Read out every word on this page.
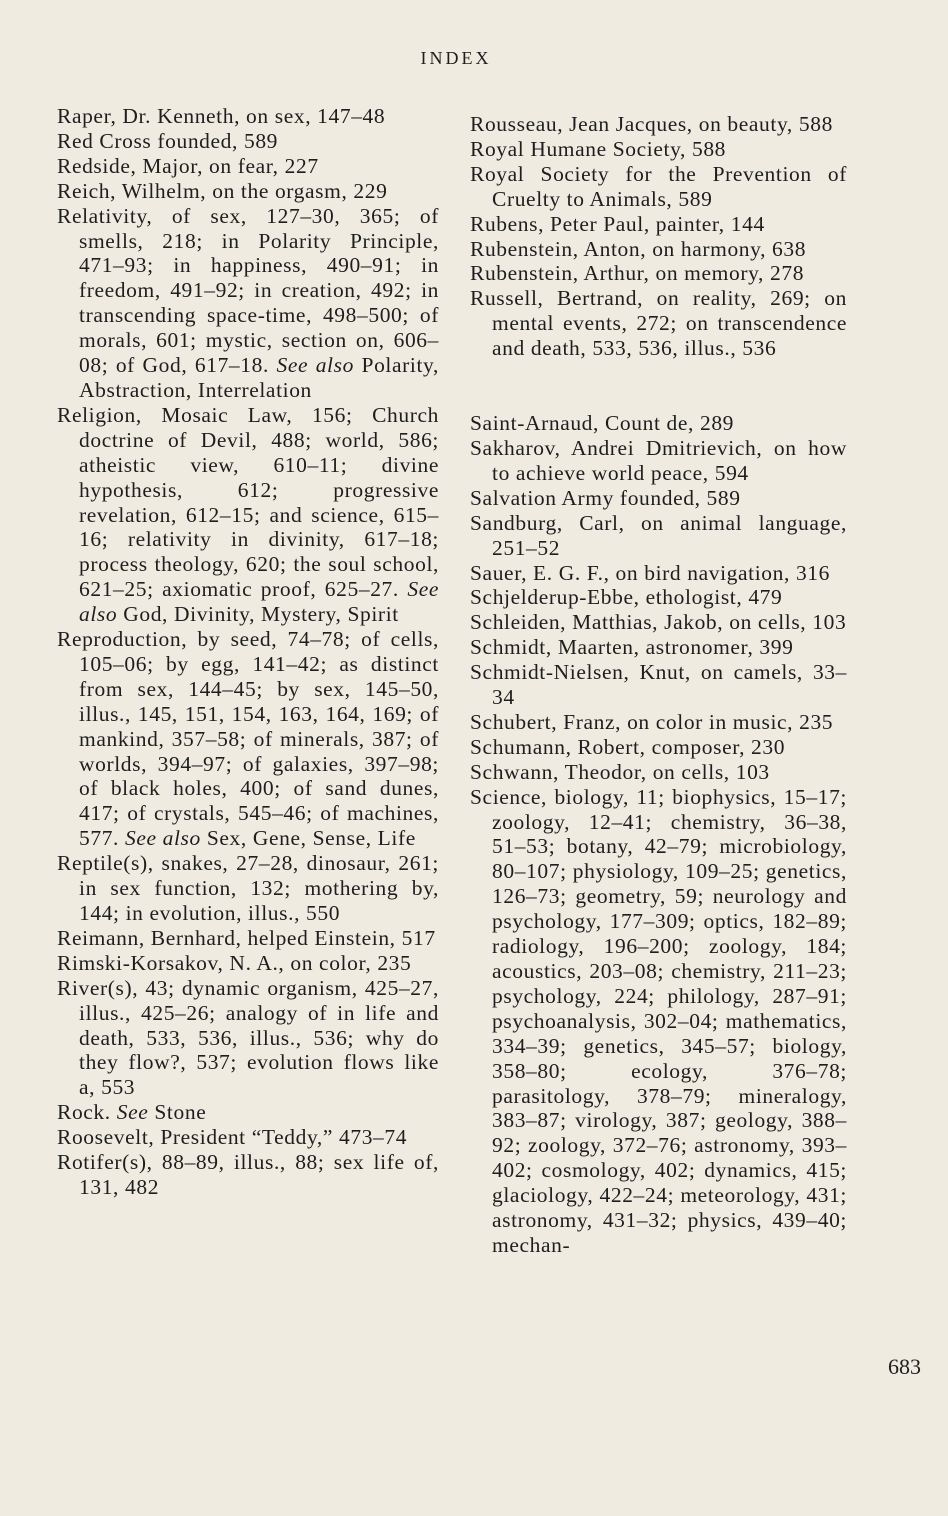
INDEX

Raper, Dr. Kenneth, on sex, 147–48

Red Cross founded, 589

Redside, Major, on fear, 227

Reich, Wilhelm, on the orgasm, 229

Relativity, of sex, 127–30, 365; of smells, 218; in Polarity Principle, 471–93; in happiness, 490–91; in freedom, 491–92; in creation, 492; in transcending space-time, 498–500; of morals, 601; mystic, section on, 606–08; of God, 617–18. See also Polarity, Abstraction, Interrelation

Religion, Mosaic Law, 156; Church doctrine of Devil, 488; world, 586; atheistic view, 610–11; divine hypothesis, 612; progressive revelation, 612–15; and science, 615–16; relativity in divinity, 617–18; process theology, 620; the soul school, 621–25; axiomatic proof, 625–27. See also God, Divinity, Mystery, Spirit

Reproduction, by seed, 74–78; of cells, 105–06; by egg, 141–42; as distinct from sex, 144–45; by sex, 145–50, illus., 145, 151, 154, 163, 164, 169; of mankind, 357–58; of minerals, 387; of worlds, 394–97; of galaxies, 397–98; of black holes, 400; of sand dunes, 417; of crystals, 545–46; of machines, 577. See also Sex, Gene, Sense, Life

Reptile(s), snakes, 27–28, dinosaur, 261; in sex function, 132; mothering by, 144; in evolution, illus., 550

Reimann, Bernhard, helped Einstein, 517

Rimski-Korsakov, N. A., on color, 235

River(s), 43; dynamic organism, 425–27, illus., 425–26; analogy of in life and death, 533, 536, illus., 536; why do they flow?, 537; evolution flows like a, 553

Rock. See Stone

Roosevelt, President “Teddy,” 473–74

Rotifer(s), 88–89, illus., 88; sex life of, 131, 482

Rousseau, Jean Jacques, on beauty, 588

Royal Humane Society, 588

Royal Society for the Prevention of Cruelty to Animals, 589

Rubens, Peter Paul, painter, 144

Rubenstein, Anton, on harmony, 638

Rubenstein, Arthur, on memory, 278

Russell, Bertrand, on reality, 269; on mental events, 272; on transcendence and death, 533, 536, illus., 536

Saint-Arnaud, Count de, 289

Sakharov, Andrei Dmitrievich, on how to achieve world peace, 594

Salvation Army founded, 589

Sandburg, Carl, on animal language, 251–52

Sauer, E. G. F., on bird navigation, 316

Schjelderup-Ebbe, ethologist, 479

Schleiden, Matthias, Jakob, on cells, 103

Schmidt, Maarten, astronomer, 399

Schmidt-Nielsen, Knut, on camels, 33–34

Schubert, Franz, on color in music, 235

Schumann, Robert, composer, 230

Schwann, Theodor, on cells, 103

Science, biology, 11; biophysics, 15–17; zoology, 12–41; chemistry, 36–38, 51–53; botany, 42–79; microbiology, 80–107; physiology, 109–25; genetics, 126–73; geometry, 59; neurology and psychology, 177–309; optics, 182–89; radiology, 196–200; zoology, 184; acoustics, 203–08; chemistry, 211–23; psychology, 224; philology, 287–91; psychoanalysis, 302–04; mathematics, 334–39; genetics, 345–57; biology, 358–80; ecology, 376–78; parasitology, 378–79; mineralogy, 383–87; virology, 387; geology, 388–92; zoology, 372–76; astronomy, 393–402; cosmology, 402; dynamics, 415; glaciology, 422–24; meteorology, 431; astronomy, 431–32; physics, 439–40; mechan-

683
